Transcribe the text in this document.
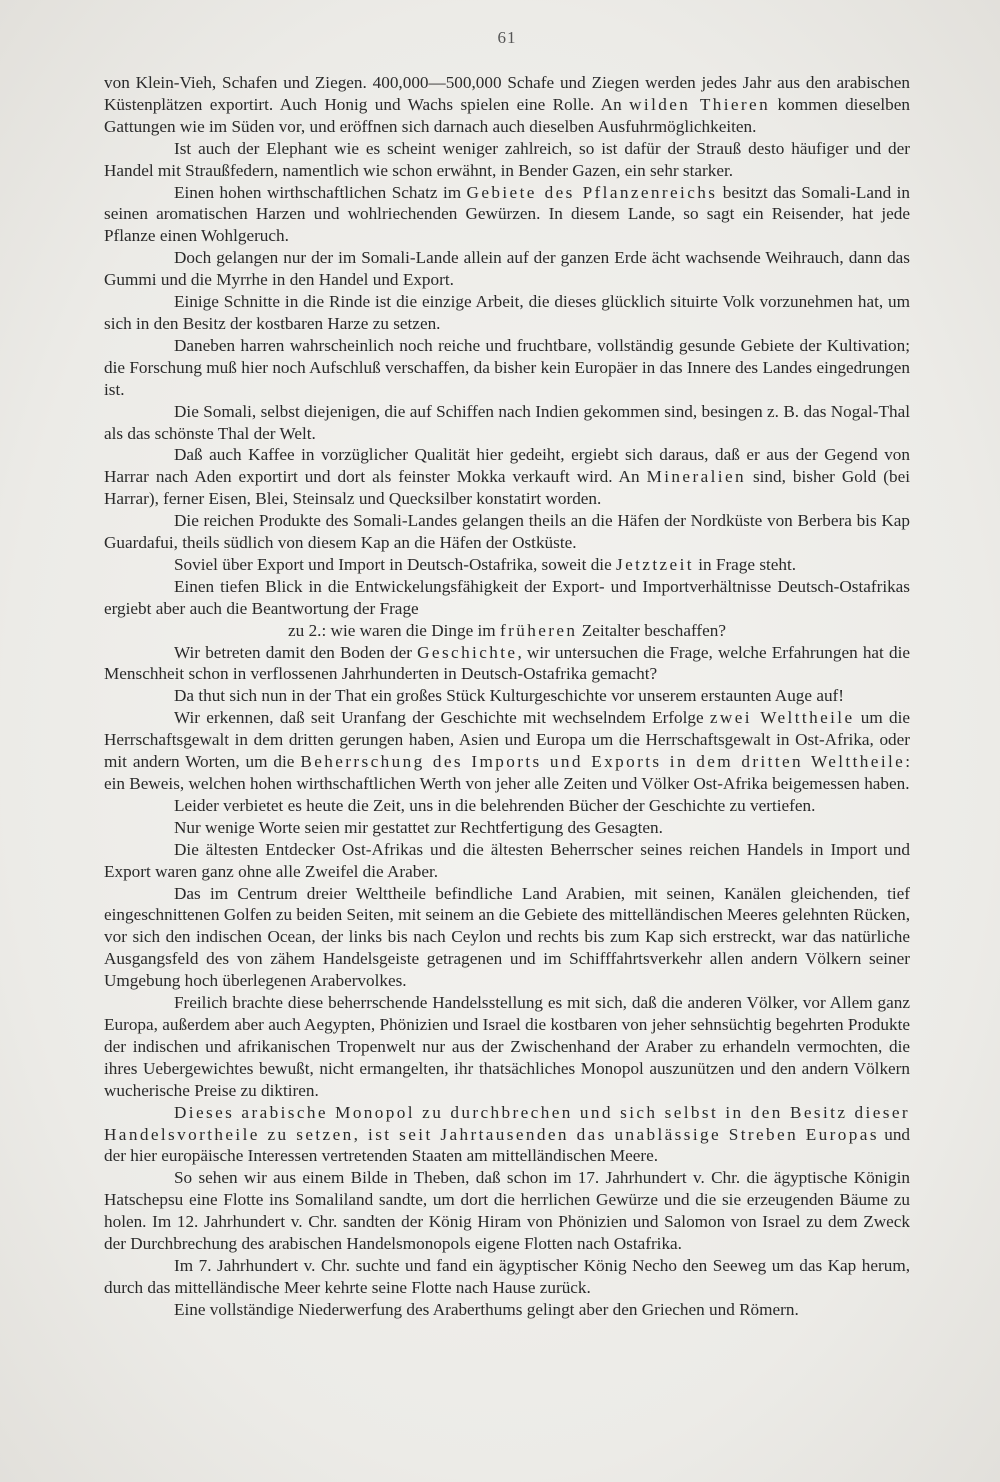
61

von Klein-Vieh, Schafen und Ziegen. 400,000—500,000 Schafe und Ziegen werden jedes Jahr aus den arabischen Küstenplätzen exportirt. Auch Honig und Wachs spielen eine Rolle. An wilden Thieren kommen dieselben Gattungen wie im Süden vor, und eröffnen sich darnach auch dieselben Ausfuhrmöglichkeiten.

Ist auch der Elephant wie es scheint weniger zahlreich, so ist dafür der Strauß desto häufiger und der Handel mit Straußfedern, namentlich wie schon erwähnt, in Bender Gazen, ein sehr starker.

Einen hohen wirthschaftlichen Schatz im Gebiete des Pflanzenreichs besitzt das Somali-Land in seinen aromatischen Harzen und wohlriechenden Gewürzen. In diesem Lande, so sagt ein Reisender, hat jede Pflanze einen Wohlgeruch.

Doch gelangen nur der im Somali-Lande allein auf der ganzen Erde ächt wachsende Weihrauch, dann das Gummi und die Myrrhe in den Handel und Export.

Einige Schnitte in die Rinde ist die einzige Arbeit, die dieses glücklich situirte Volk vorzunehmen hat, um sich in den Besitz der kostbaren Harze zu setzen.

Daneben harren wahrscheinlich noch reiche und fruchtbare, vollständig gesunde Gebiete der Kultivation; die Forschung muß hier noch Aufschluß verschaffen, da bisher kein Europäer in das Innere des Landes eingedrungen ist.

Die Somali, selbst diejenigen, die auf Schiffen nach Indien gekommen sind, besingen z. B. das Nogal-Thal als das schönste Thal der Welt.

Daß auch Kaffee in vorzüglicher Qualität hier gedeiht, ergiebt sich daraus, daß er aus der Gegend von Harrar nach Aden exportirt und dort als feinster Mokka verkauft wird. An Mineralien sind, bisher Gold (bei Harrar), ferner Eisen, Blei, Steinsalz und Quecksilber konstatirt worden.

Die reichen Produkte des Somali-Landes gelangen theils an die Häfen der Nordküste von Berbera bis Kap Guardafui, theils südlich von diesem Kap an die Häfen der Ostküste.

Soviel über Export und Import in Deutsch-Ostafrika, soweit die Jetztzeit in Frage steht.

Einen tiefen Blick in die Entwickelungsfähigkeit der Export- und Importverhältnisse Deutsch-Ostafrikas ergiebt aber auch die Beantwortung der Frage

zu 2.: wie waren die Dinge im früheren Zeitalter beschaffen?

Wir betreten damit den Boden der Geschichte, wir untersuchen die Frage, welche Erfahrungen hat die Menschheit schon in verflossenen Jahrhunderten in Deutsch-Ostafrika gemacht?

Da thut sich nun in der That ein großes Stück Kulturgeschichte vor unserem erstaunten Auge auf!

Wir erkennen, daß seit Uranfang der Geschichte mit wechselndem Erfolge zwei Welttheile um die Herrschaftsgewalt in dem dritten gerungen haben, Asien und Europa um die Herrschaftsgewalt in Ost-Afrika, oder mit andern Worten, um die Beherrschung des Imports und Exports in dem dritten Welttheile: ein Beweis, welchen hohen wirthschaftlichen Werth von jeher alle Zeiten und Völker Ost-Afrika beigemessen haben.

Leider verbietet es heute die Zeit, uns in die belehrenden Bücher der Geschichte zu vertiefen.

Nur wenige Worte seien mir gestattet zur Rechtfertigung des Gesagten.

Die ältesten Entdecker Ost-Afrikas und die ältesten Beherrscher seines reichen Handels in Import und Export waren ganz ohne alle Zweifel die Araber.

Das im Centrum dreier Welttheile befindliche Land Arabien, mit seinen, Kanälen gleichenden, tief eingeschnittenen Golfen zu beiden Seiten, mit seinem an die Gebiete des mittelländischen Meeres gelehnten Rücken, vor sich den indischen Ocean, der links bis nach Ceylon und rechts bis zum Kap sich erstreckt, war das natürliche Ausgangsfeld des von zähem Handelsgeiste getragenen und im Schifffahrtsverkehr allen andern Völkern seiner Umgebung hoch überlegenen Arabervolkes.

Freilich brachte diese beherrschende Handelsstellung es mit sich, daß die anderen Völker, vor Allem ganz Europa, außerdem aber auch Aegypten, Phönizien und Israel die kostbaren von jeher sehnsüchtig begehrten Produkte der indischen und afrikanischen Tropenwelt nur aus der Zwischenhand der Araber zu erhandeln vermochten, die ihres Uebergewichtes bewußt, nicht ermangelten, ihr thatsächliches Monopol auszunützen und den andern Völkern wucherische Preise zu diktiren.

Dieses arabische Monopol zu durchbrechen und sich selbst in den Besitz dieser Handelsvortheile zu setzen, ist seit Jahrtausenden das unablässige Streben Europas und der hier europäische Interessen vertretenden Staaten am mittelländischen Meere.

So sehen wir aus einem Bilde in Theben, daß schon im 17. Jahrhundert v. Chr. die ägyptische Königin Hatschepsu eine Flotte ins Somaliland sandte, um dort die herrlichen Gewürze und die sie erzeugenden Bäume zu holen. Im 12. Jahrhundert v. Chr. sandten der König Hiram von Phönizien und Salomon von Israel zu dem Zweck der Durchbrechung des arabischen Handelsmonopols eigene Flotten nach Ostafrika.

Im 7. Jahrhundert v. Chr. suchte und fand ein ägyptischer König Necho den Seeweg um das Kap herum, durch das mittelländische Meer kehrte seine Flotte nach Hause zurück.

Eine vollständige Niederwerfung des Araberthums gelingt aber den Griechen und Römern.
